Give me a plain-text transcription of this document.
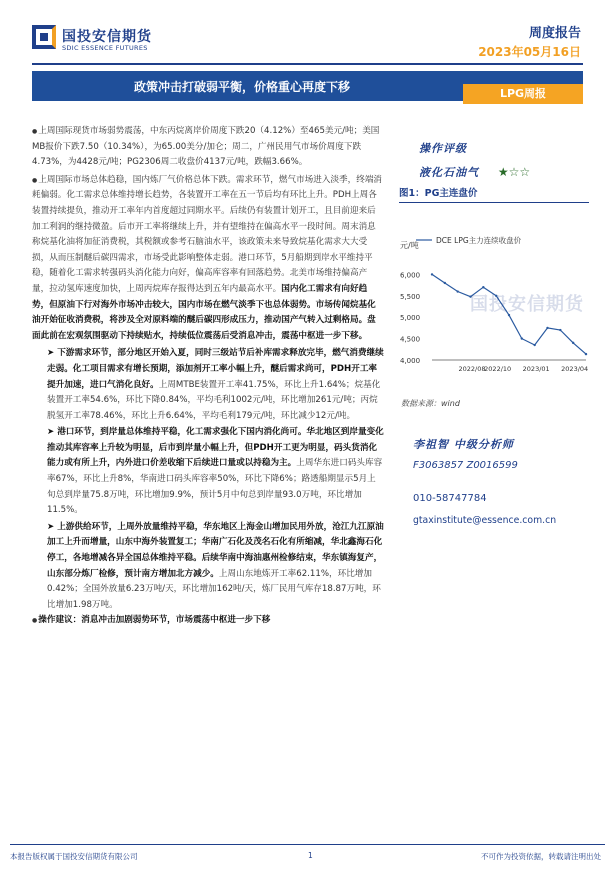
国投安信期货
SDIC ESSENCE FUTURES
周度报告
2023年05月16日
政策冲击打破弱平衡，价格重心再度下移	LPG周报
● 上周国际现货市场弱势震荡，中东丙烷离岸价周度下跌20（4.12%）至465美元/吨；美国MB报价下跌7.50（10.34%），为65.00美分/加仑；周二，广州民用气市场价周度下跌4.73%，为4428元/吨；PG2306周二收盘价4137元/吨，跌幅3.66%。
● 上周国际市场总体趋稳，国内炼厂气价格总体下跌。需求环节，燃气市场进入淡季，终端消耗偏弱。化工需求总体维持增长趋势，各装置开工率在五一节后均有环比上升。PDH上周各装置持续提负，推动开工率年内首度超过同期水平。后续仍有装置计划开工，且目前迎来后加工利润的继持微盈。后市开工率将继续上升，并有望维持在偏高水平一段时间。周末消息称烷基化油将加征消费税，其税额或参考石脑油水平，该政策未来导致烷基化需求大大受损，从而压制醚后碳四需求，市场受此影响整体走弱。港口环节，5月船期到岸水平维持平稳，随着化工需求转强码头消化能力向好，偏高库容率有回落趋势。北美市场维持偏高产量，拉动氢库速度加快，上周丙烷库存报得达到五年内最高水平。国内化工需求有向好趋势，但原油下行对海外市场冲击较大，国内市场在燃气淡季下也总体弱势。市场传闻烷基化油开始征收消费税，将涉及全对原料端的醚后碳四形成压力，推动国产气转入过剩格局。盘面此前在宏观氛围驱动下持续贴水，持续低位震荡后受消息冲击，震荡中枢进一步下移。
➤ 下游需求环节，部分地区开始入夏，同时三级站节后补库需求释放完毕，燃气消费继续走弱。化工项目需求有增长预期，添加剂开工率小幅上升，醚后需求尚可，PDH开工率提升加速，进口气消化良好。上周MTBE装置开工率41.75%，环比上升1.64%；烷基化装置开工率54.6%，环比下降0.84%，平均毛利1002元/吨，环比增加261元/吨；丙烷脱氢开工率78.46%，环比上升6.64%，平均毛利179元/吨，环比减少12元/吨。
➤ 港口环节，到岸量总体维持平稳，化工需求强化下国内消化尚可。华北地区到岸量变化推动其库容率上升较为明显，后市到岸量小幅上升，但PDH开工更为明显，码头货消化能力或有所上升，内外进口价差收缩下后续进口量或以持稳为主。上周华东进口码头库容率67%，环比上升8%，华南进口码头库容率50%，环比下降6%；路透船期显示5月上旬总到岸量75.8万吨，环比增加9.9%，预计5月中旬总到岸量93.0万吨，环比增加11.5%。
➤ 上游供给环节，上周外放量维持平稳，华东地区上海金山增加民用外放，沧江九江原油加工上升而增量，山东中海外装置复工；华南广石化及茂名石化有所缩减，华北鑫海石化停工，各地增减各异全国总体维持平稳。后续华南中海油惠州检修结束，华东镇海复产，山东部分炼厂检修，预计南方增加北方减少。上周山东地炼开工率62.11%，环比增加0.42%；全国外放量6.23万吨/天，环比增加162吨/天，炼厂民用气库存18.87万吨，环比增加1.98万吨。
● 操作建议：消息冲击加剧弱势环节，市场震荡中枢进一步下移
操作评级
液化石油气 ★☆☆
图1：PG主连盘价
元/吨
DCE LPG主力连续收盘价
4,000
4,500
5,000
5,500
6,000
2022/08
2022/10 2023/01 2023/04
国投安信期货
数据来源：wind
李祖智 中级分析师
F3063857 Z0016599
010-58747784
gtaxinstitute@essence.com.cn
本报告版权属于国投安信期货有限公司	1	不可作为投资依据，转载请注明出处
